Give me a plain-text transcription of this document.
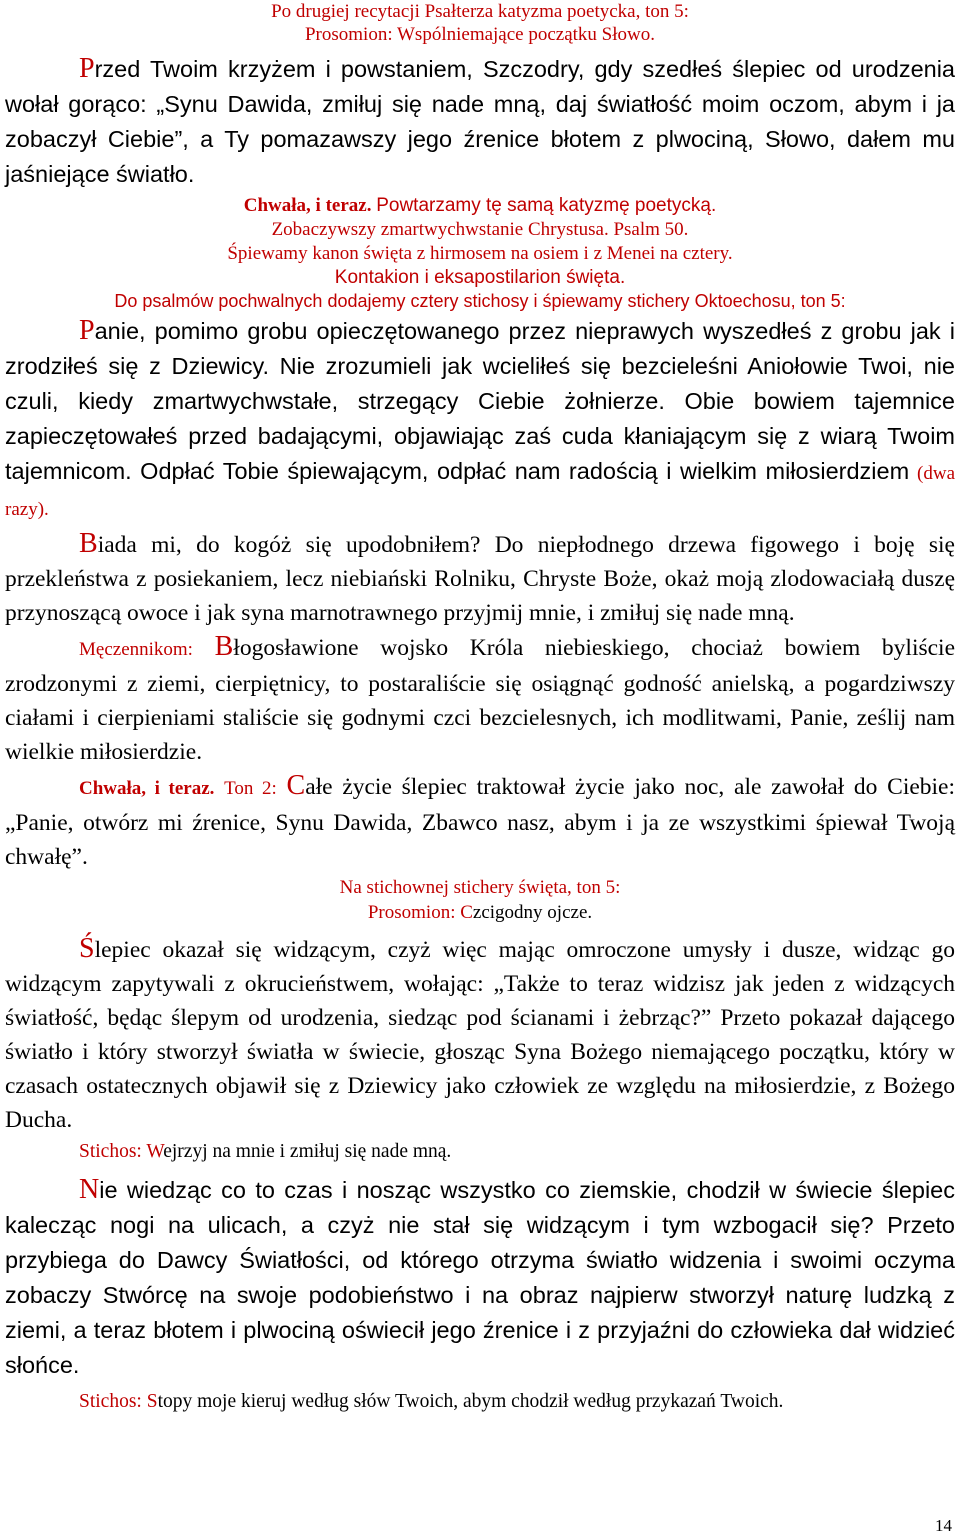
Po drugiej recytacji Psałterza katyzma poetycka, ton 5:

Prosomion: Wspólniemające początku Słowo.

Przed Twoim krzyżem i powstaniem, Szczodry, gdy szedłeś ślepiec od urodzenia wołał gorąco: „Synu Dawida, zmiłuj się nade mną, daj światłość moim oczom, abym i ja zobaczył Ciebie”, a Ty pomazawszy jego źrenice błotem z plwociną, Słowo, dałem mu jaśniejące światło.

Chwała, i teraz. Powtarzamy tę samą katyzmę poetycką.

Zobaczywszy zmartwychwstanie Chrystusa. Psalm 50.

Śpiewamy kanon święta z hirmosem na osiem i z Menei na cztery.

Kontakion i eksapostilarion święta.

Do psalmów pochwalnych dodajemy cztery stichosy i śpiewamy stichery Oktoechosu, ton 5:

Panie, pomimo grobu opieczętowanego przez nieprawych wyszedłeś z grobu jak i zrodziłeś się z Dziewicy. Nie zrozumieli jak wcieliłeś się bezcieleśni Aniołowie Twoi, nie czuli, kiedy zmartwychwstałe, strzegący Ciebie żołnierze. Obie bowiem tajemnice zapieczętowałeś przed badającymi, objawiając zaś cuda kłaniającym się z wiarą Twoim tajemnicom. Odpłać Tobie śpiewającym, odpłać nam radością i wielkim miłosierdziem (dwa razy).

Biada mi, do kogóż się upodobniłem? Do niepłodnego drzewa figowego i boję się przekleństwa z posiekaniem, lecz niebiański Rolniku, Chryste Boże, okaż moją zlodowaciałą duszę przynoszącą owoce i jak syna marnotrawnego przyjmij mnie, i zmiłuj się nade mną.

Męczennikom: Błogosławione wojsko Króla niebieskiego, chociaż bowiem byliście zrodzonymi z ziemi, cierpiętnicy, to postaraliście się osiągnąć godność anielską, a pogardziwszy ciałami i cierpieniami staliście się godnymi czci bezcielesnych, ich modlitwami, Panie, ześlij nam wielkie miłosierdzie.

Chwała, i teraz. Ton 2: Całe życie ślepiec traktował życie jako noc, ale zawołał do Ciebie: „Panie, otwórz mi źrenice, Synu Dawida, Zbawco nasz, abym i ja ze wszystkimi śpiewał Twoją chwałę”.

Na stichownej stichery święta, ton 5:

Prosomion: Czcigodny ojcze.

Ślepiec okazał się widzącym, czyż więc mając omroczone umysły i dusze, widząc go widzącym zapytywali z okrucieństwem, wołając: „Także to teraz widzisz jak jeden z widzących światłość, będąc ślepym od urodzenia, siedząc pod ścianami i żebrząc?” Przeto pokazał dającego światło i który stworzył światła w świecie, głosząc Syna Bożego niemającego początku, który w czasach ostatecznych objawił się z Dziewicy jako człowiek ze względu na miłosierdzie, z Bożego Ducha.

Stichos: Wejrzyj na mnie i zmiłuj się nade mną.

Nie wiedząc co to czas i nosząc wszystko co ziemskie, chodził w świecie ślepiec kalecząc nogi na ulicach, a czyż nie stał się widzącym i tym wzbogacił się? Przeto przybiega do Dawcy Światłości, od którego otrzyma światło widzenia i swoimi oczyma zobaczy Stwórcę na swoje podobieństwo i na obraz najpierw stworzył naturę ludzką z ziemi, a teraz błotem i plwociną oświecił jego źrenice i z przyjaźni do człowieka dał widzieć słońce.

Stichos: Stopy moje kieruj według słów Twoich, abym chodził według przykazań Twoich.

14
